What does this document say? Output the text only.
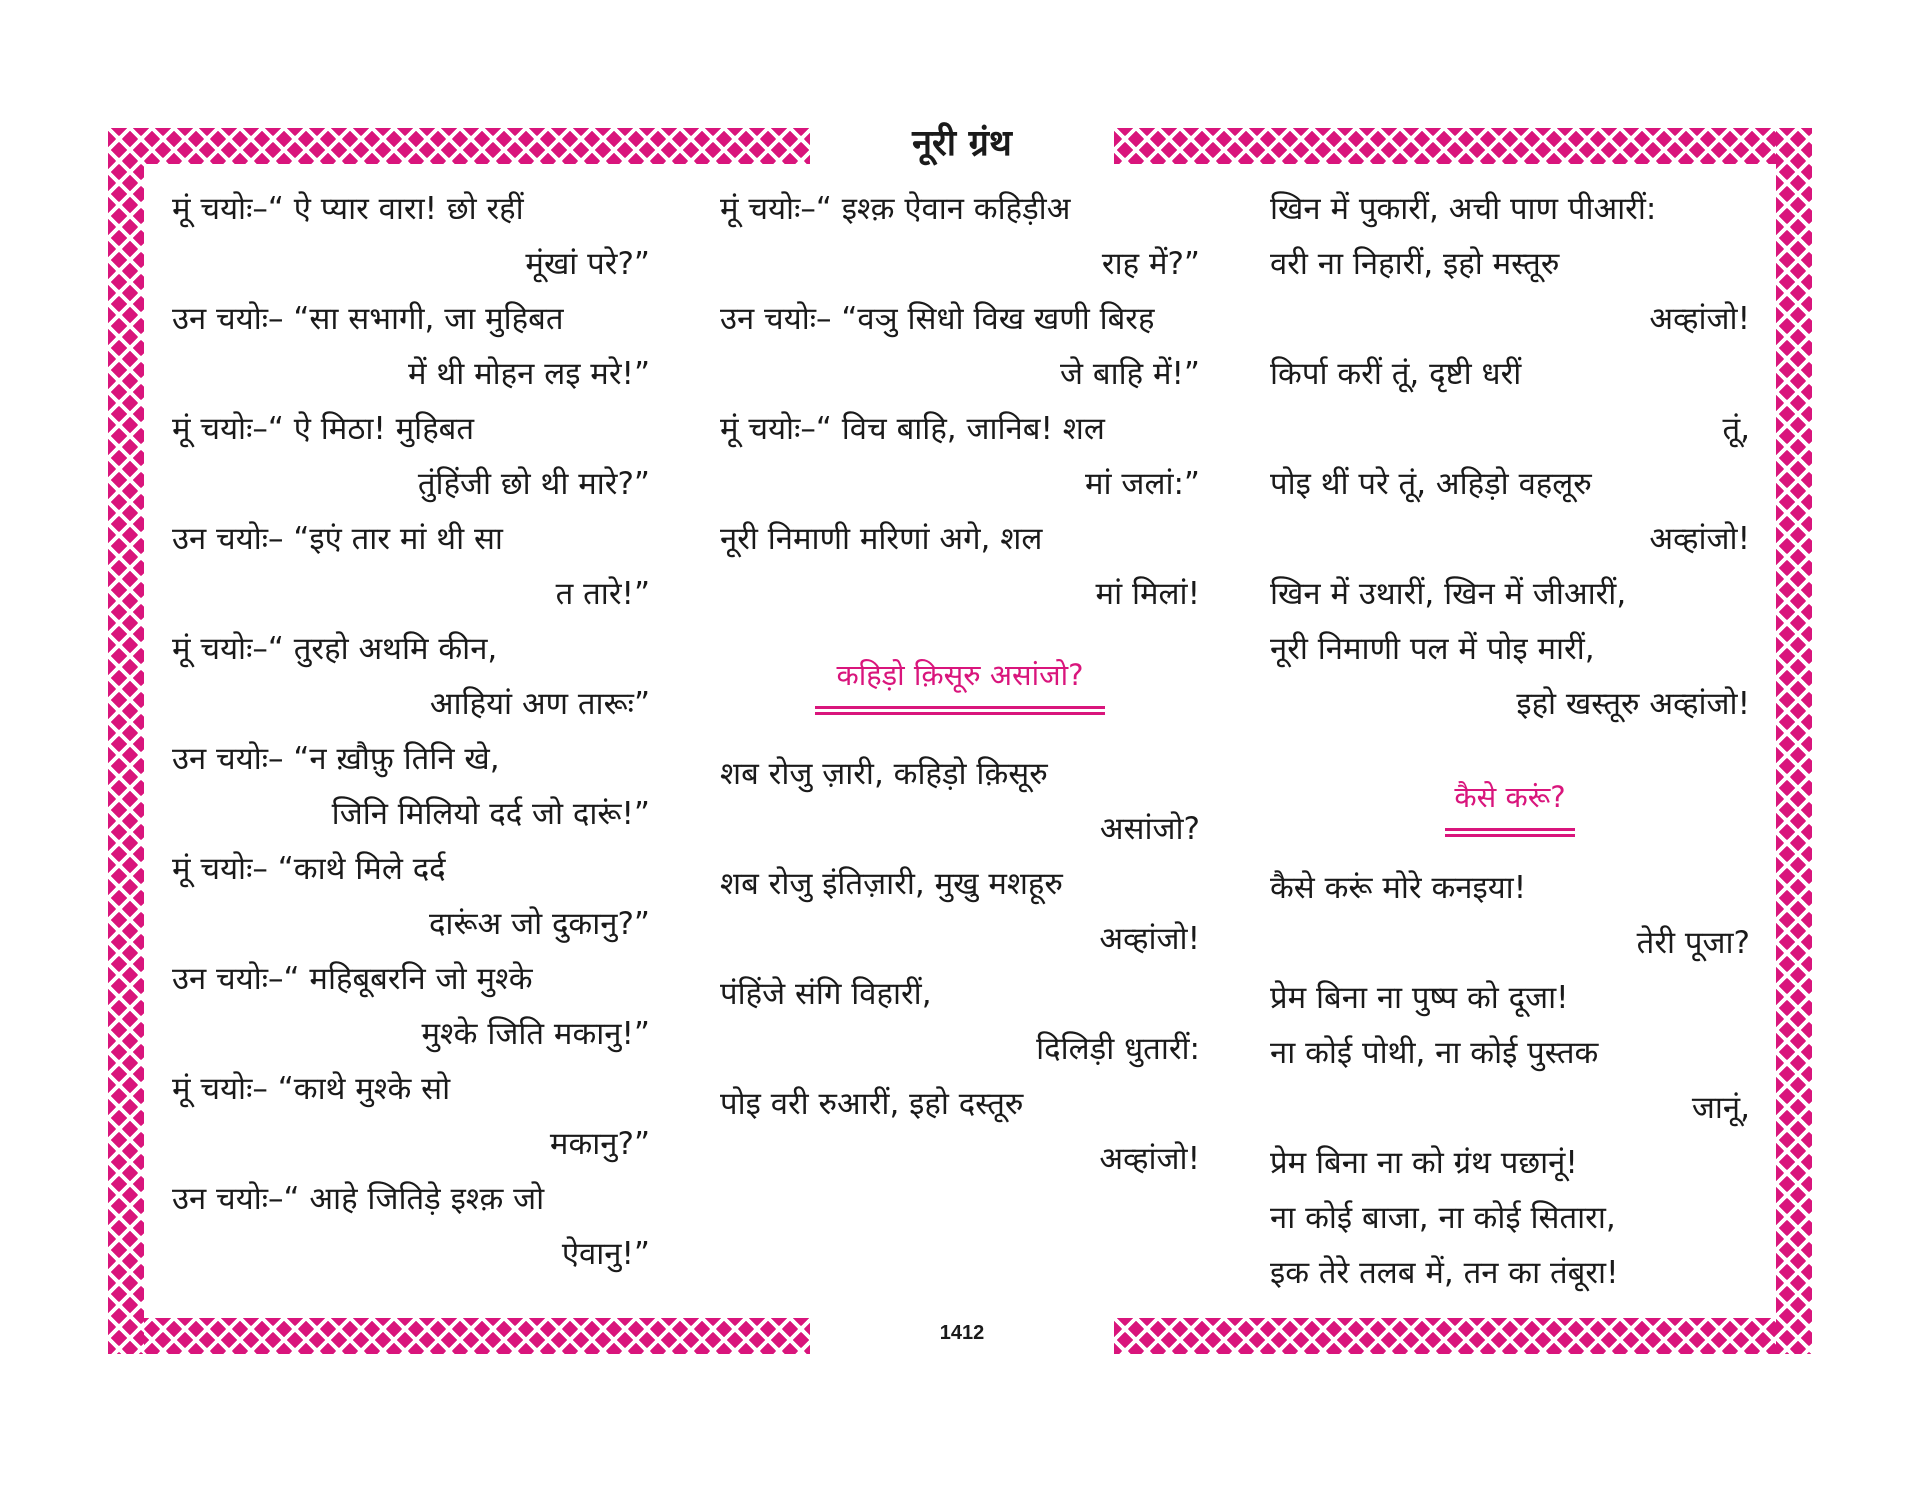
नूरी ग्रंथ
1412
मूं चयोः–“ ऐ प्यार वारा! छो रहीं
मूंखां परे?”
उन चयोः– “सा सभागी, जा मुहिबत
में थी मोहन लइ मरे!”
मूं चयोः–“ ऐ मिठा! मुहिबत
तुंहिंजी छो थी मारे?”
उन चयोः– “इएं तार मां थी सा
त तारे!”
मूं चयोः–“ तुरहो अथमि कीन,
आहियां अण तारूः”
उन चयोः– “न ख़ौफ़ु तिनि खे,
जिनि मिलियो दर्द जो दारूं!”
मूं चयोः– “काथे मिले दर्द
दारूंअ जो दुकानु?”
उन चयोः–“ महिबूबरनि जो मुश्के
मुश्के जिति मकानु!”
मूं चयोः– “काथे मुश्के सो
मकानु?”
उन चयोः–“ आहे जितिड़े इश्क़ जो
ऐवानु!”
मूं चयोः–“ इश्क़ ऐवान कहिड़ीअ
राह में?”
उन चयोः– “वञु सिधो विख खणी बिरह
जे बाहि में!”
मूं चयोः–“ विच बाहि, जानिब! शल
मां जलां:”
नूरी निमाणी मरिणां अगे, शल
मां मिलां!
कहिड़ो क़िसूरु असांजो?
शब रोजु ज़ारी, कहिड़ो क़िसूरु
असांजो?
शब रोजु इंतिज़ारी, मुखु मशहूरु
अव्हांजो!
पंहिंजे संगि विहारीं,
दिलिड़ी धुतारीं:
पोइ वरी रुआरीं, इहो दस्तूरु
अव्हांजो!
खिन में पुकारीं, अची पाण पीआरीं:
वरी ना निहारीं, इहो मस्तूरु
अव्हांजो!
किर्पा करीं तूं, दृष्टी धरीं
तूं,
पोइ थीं परे तूं, अहिड़ो वहलूरु
अव्हांजो!
खिन में उथारीं, खिन में जीआरीं,
नूरी निमाणी पल में पोइ मारीं,
इहो खस्तूरु अव्हांजो!
कैसे करूं?
कैसे करूं मोरे कनइया!
तेरी पूजा?
प्रेम बिना ना पुष्प को दूजा!
ना कोई पोथी, ना कोई पुस्तक
जानूं,
प्रेम बिना ना को ग्रंथ पछानूं!
ना कोई बाजा, ना कोई सितारा,
इक तेरे तलब में, तन का तंबूरा!
